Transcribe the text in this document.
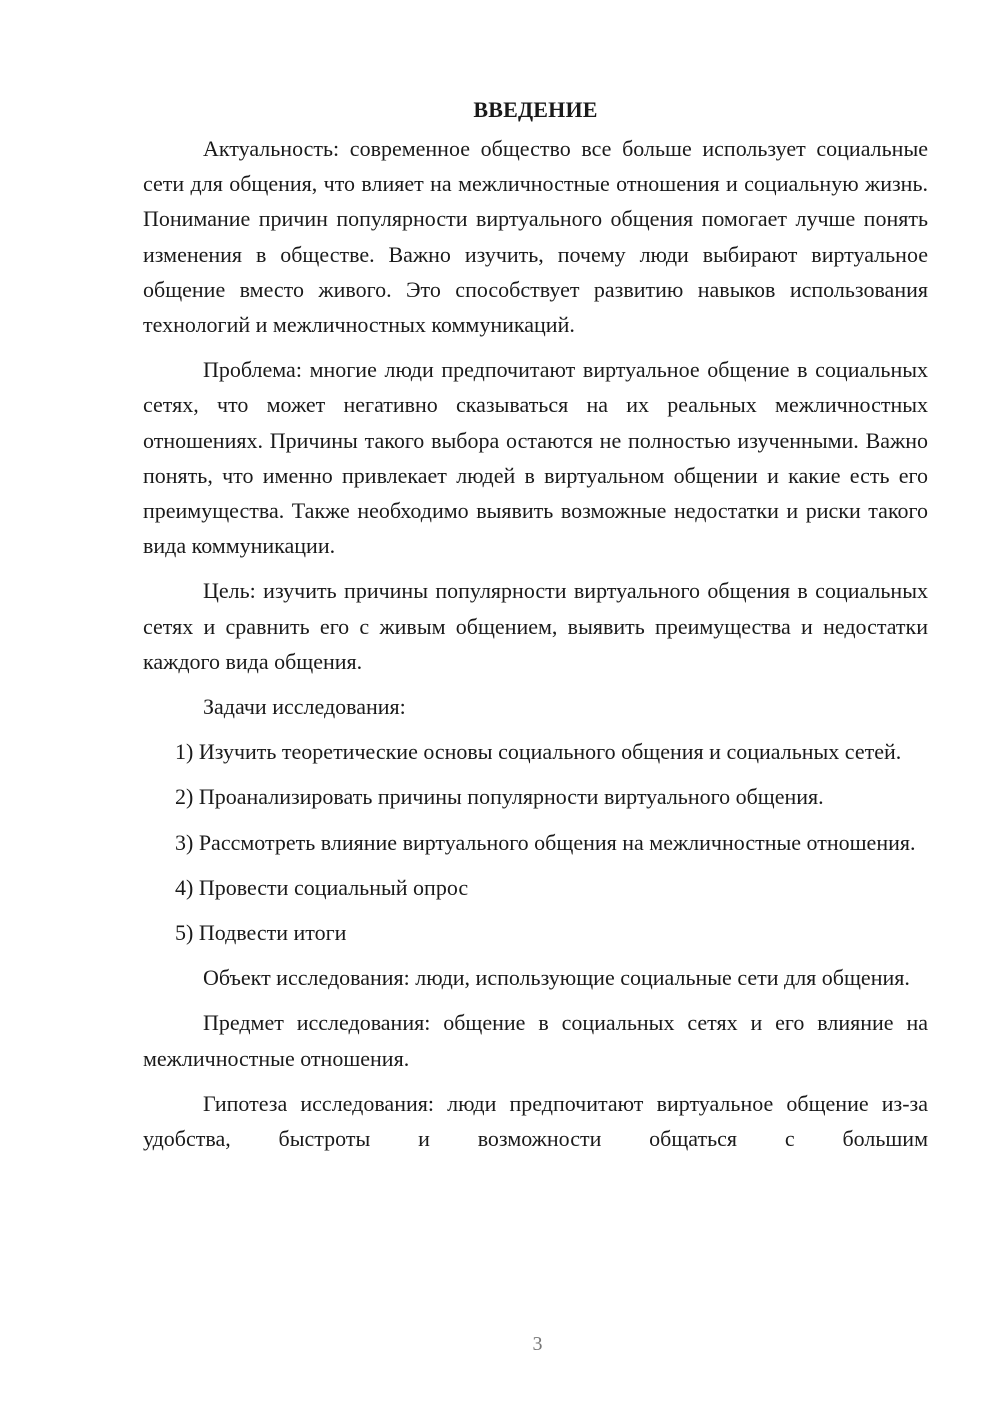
ВВЕДЕНИЕ

Актуальность: современное общество все больше использует социальные сети для общения, что влияет на межличностные отношения и социальную жизнь. Понимание причин популярности виртуального общения помогает лучше понять изменения в обществе. Важно изучить, почему люди выбирают виртуальное общение вместо живого. Это способствует развитию навыков использования технологий и межличностных коммуникаций.

Проблема: многие люди предпочитают виртуальное общение в социальных сетях, что может негативно сказываться на их реальных межличностных отношениях. Причины такого выбора остаются не полностью изученными. Важно понять, что именно привлекает людей в виртуальном общении и какие есть его преимущества. Также необходимо выявить возможные недостатки и риски такого вида коммуникации.

Цель: изучить причины популярности виртуального общения в социальных сетях и сравнить его с живым общением, выявить преимущества и недостатки каждого вида общения.

Задачи исследования:

1) Изучить теоретические основы социального общения и социальных сетей.

2) Проанализировать причины популярности виртуального общения.

3) Рассмотреть влияние виртуального общения на межличностные отношения.

4) Провести социальный опрос

5) Подвести итоги

Объект исследования: люди, использующие социальные сети для общения.

Предмет исследования: общение в социальных сетях и его влияние на межличностные отношения.

Гипотеза исследования: люди предпочитают виртуальное общение из-за удобства, быстроты и возможности общаться с большим

3
